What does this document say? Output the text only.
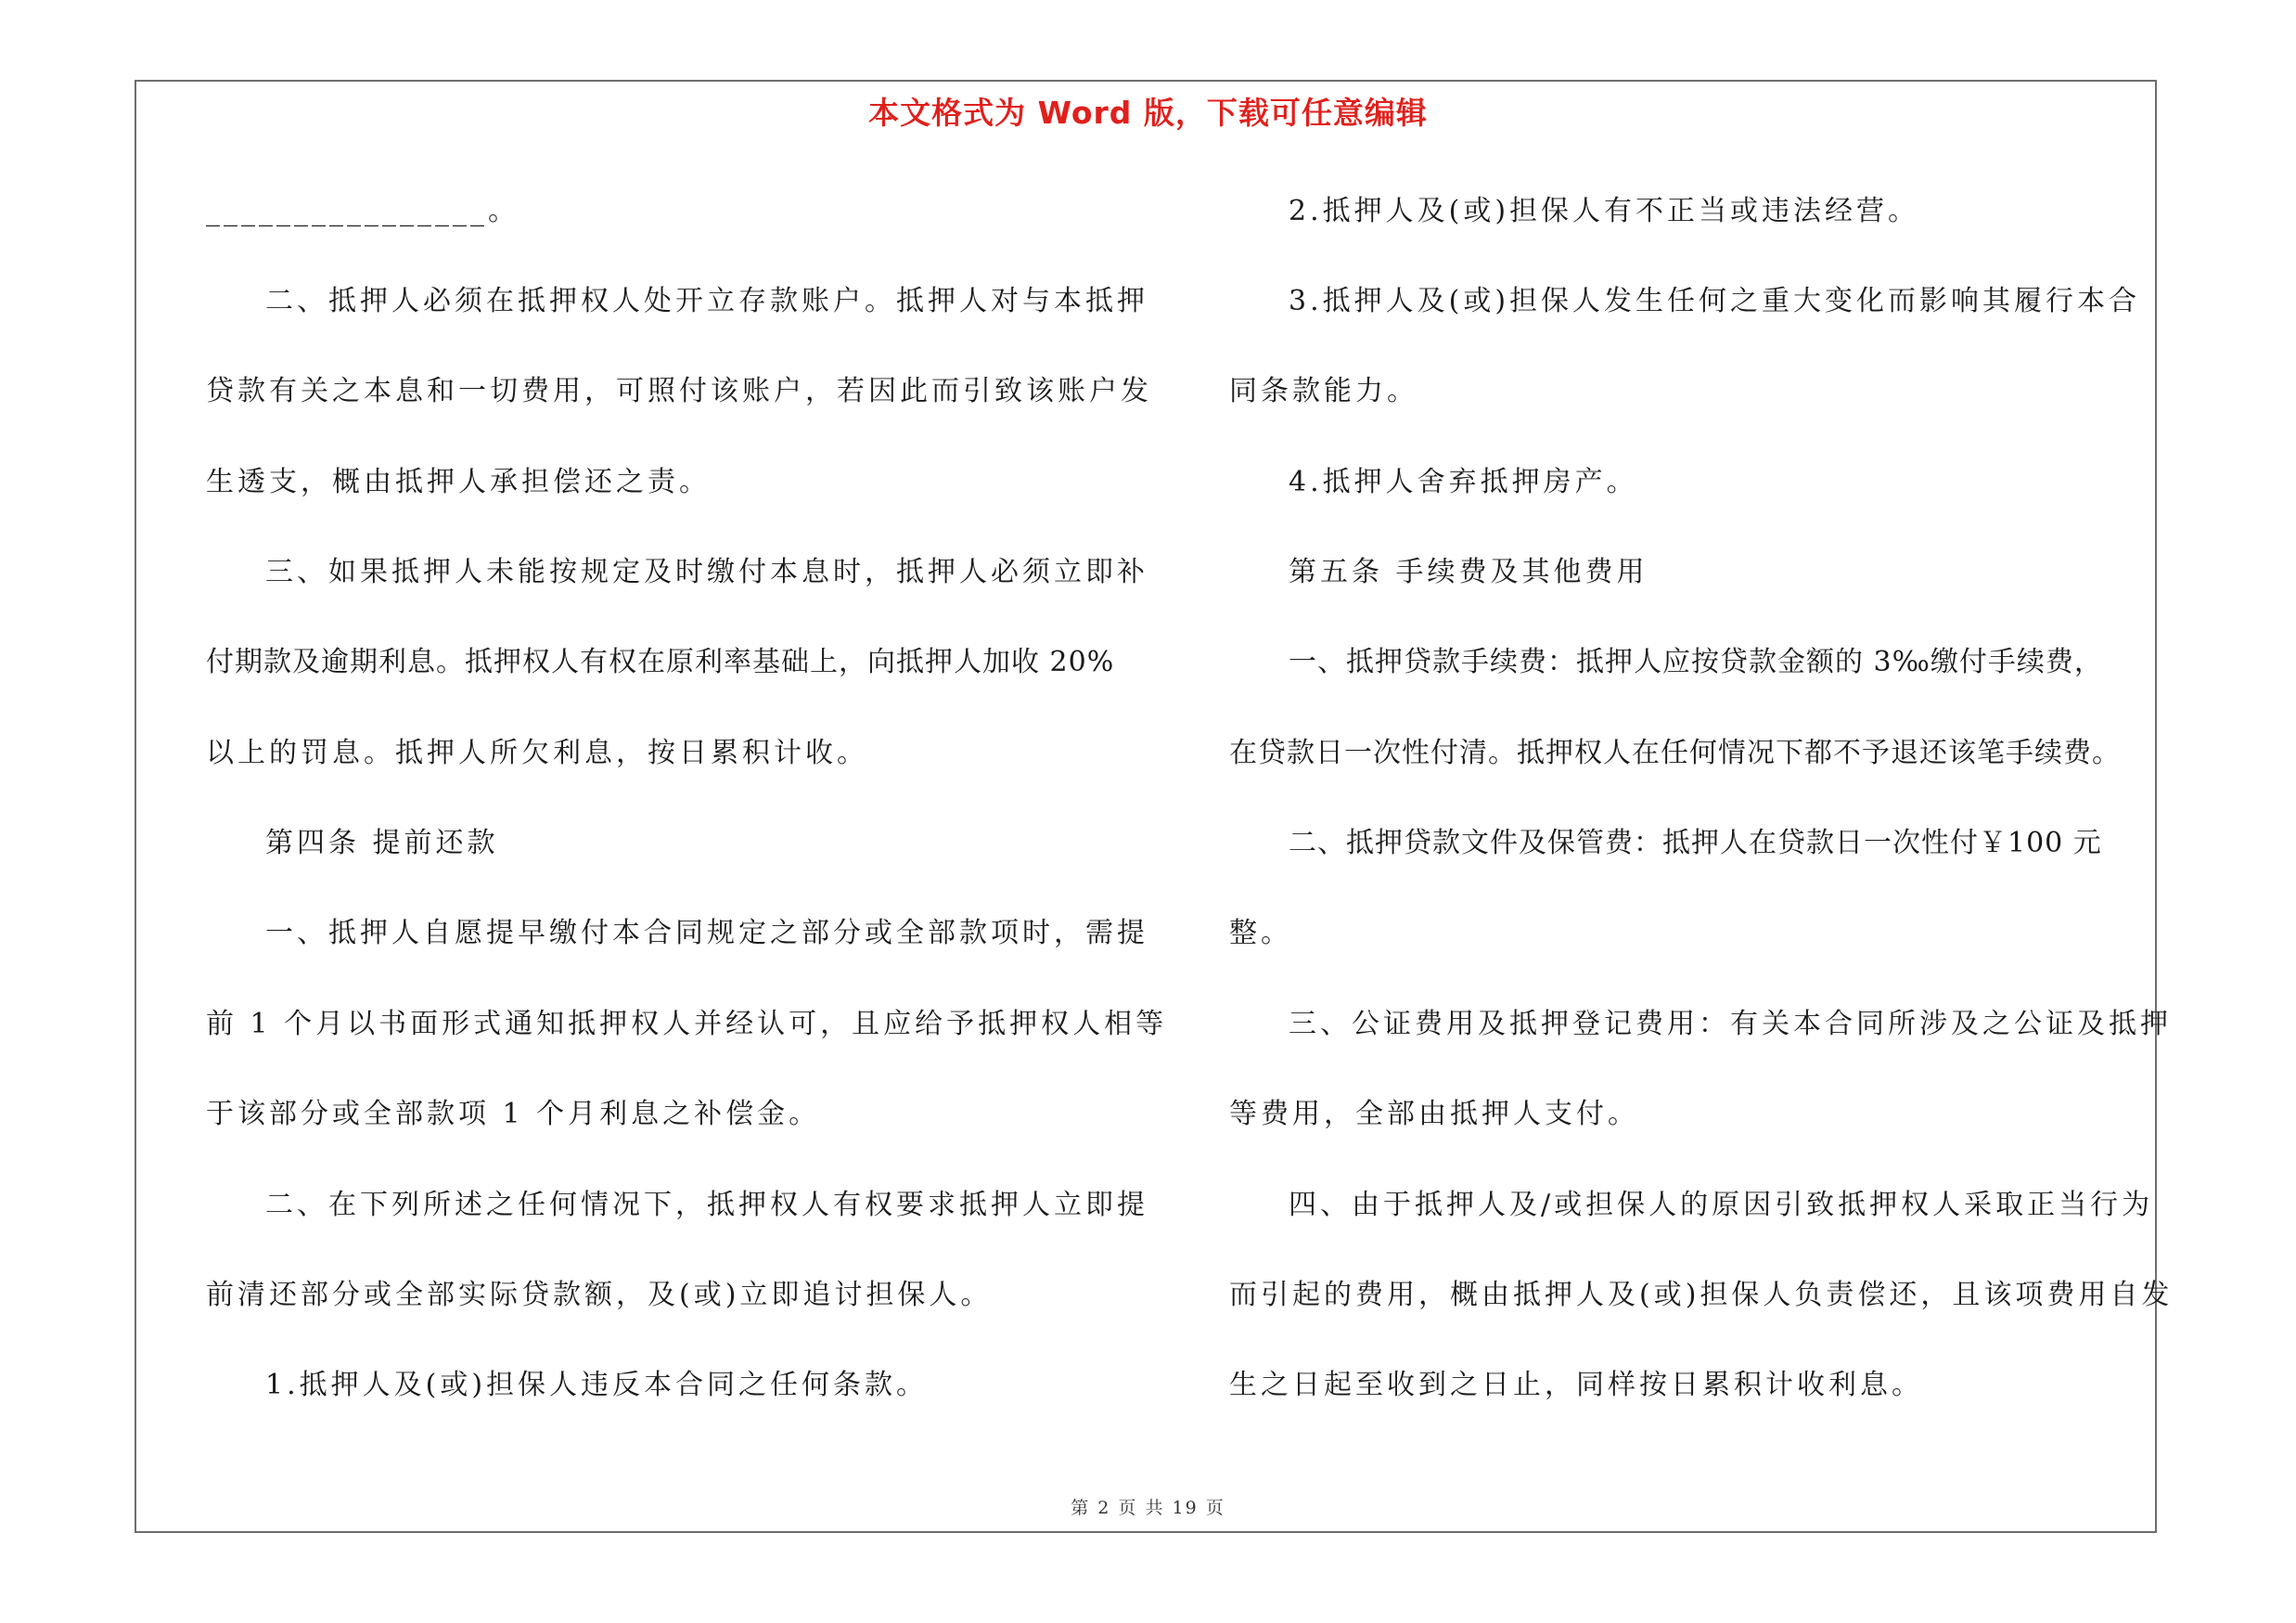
本文格式为 Word 版，下载可任意编辑
________________。
二、抵押人必须在抵押权人处开立存款账户。抵押人对与本抵押
贷款有关之本息和一切费用，可照付该账户，若因此而引致该账户发
生透支，概由抵押人承担偿还之责。
三、如果抵押人未能按规定及时缴付本息时，抵押人必须立即补
付期款及逾期利息。抵押权人有权在原利率基础上，向抵押人加收 20%
以上的罚息。抵押人所欠利息，按日累积计收。
第四条 提前还款
一、抵押人自愿提早缴付本合同规定之部分或全部款项时，需提
前 1 个月以书面形式通知抵押权人并经认可，且应给予抵押权人相等
于该部分或全部款项 1 个月利息之补偿金。
二、在下列所述之任何情况下，抵押权人有权要求抵押人立即提
前清还部分或全部实际贷款额，及(或)立即追讨担保人。
1.抵押人及(或)担保人违反本合同之任何条款。
2.抵押人及(或)担保人有不正当或违法经营。
3.抵押人及(或)担保人发生任何之重大变化而影响其履行本合
同条款能力。
4.抵押人舍弃抵押房产。
第五条 手续费及其他费用
一、抵押贷款手续费：抵押人应按贷款金额的 3‰缴付手续费，
在贷款日一次性付清。抵押权人在任何情况下都不予退还该笔手续费。
二、抵押贷款文件及保管费：抵押人在贷款日一次性付￥100 元
整。
三、公证费用及抵押登记费用：有关本合同所涉及之公证及抵押
等费用，全部由抵押人支付。
四、由于抵押人及/或担保人的原因引致抵押权人采取正当行为
而引起的费用，概由抵押人及(或)担保人负责偿还，且该项费用自发
生之日起至收到之日止，同样按日累积计收利息。
第 2 页 共 19 页
